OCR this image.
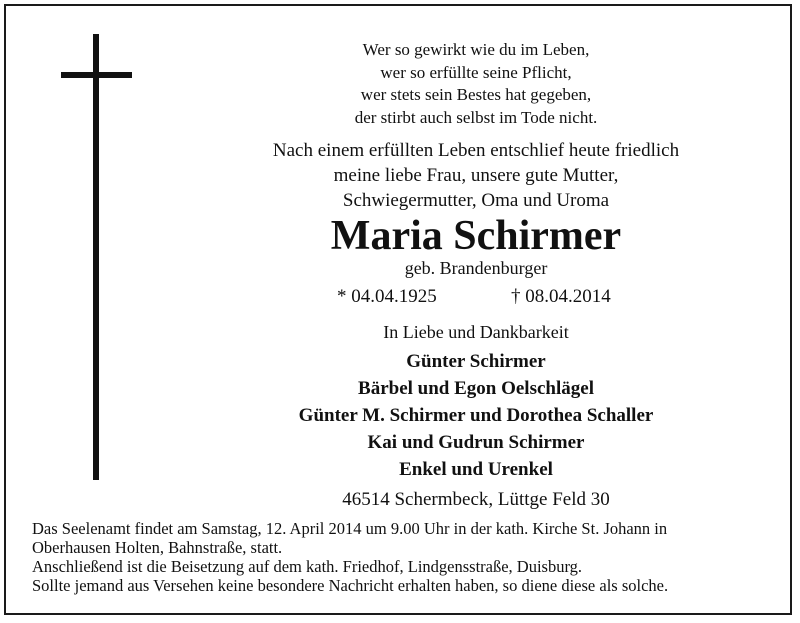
Wer so gewirkt wie du im Leben,
wer so erfüllte seine Pflicht,
wer stets sein Bestes hat gegeben,
der stirbt auch selbst im Tode nicht.
Nach einem erfüllten Leben entschlief heute friedlich
meine liebe Frau, unsere gute Mutter,
Schwiegermutter, Oma und Uroma
Maria Schirmer
geb. Brandenburger
* 04.04.1925	† 08.04.2014
In Liebe und Dankbarkeit
Günter Schirmer
Bärbel und Egon Oelschlägel
Günter M. Schirmer und Dorothea Schaller
Kai und Gudrun Schirmer
Enkel und Urenkel
46514 Schermbeck, Lüttge Feld 30
Das Seelenamt findet am Samstag, 12. April 2014 um 9.00 Uhr in der kath. Kirche St. Johann in
Oberhausen Holten, Bahnstraße, statt.
Anschließend ist die Beisetzung auf dem kath. Friedhof, Lindgensstraße, Duisburg.
Sollte jemand aus Versehen keine besondere Nachricht erhalten haben, so diene diese als solche.
